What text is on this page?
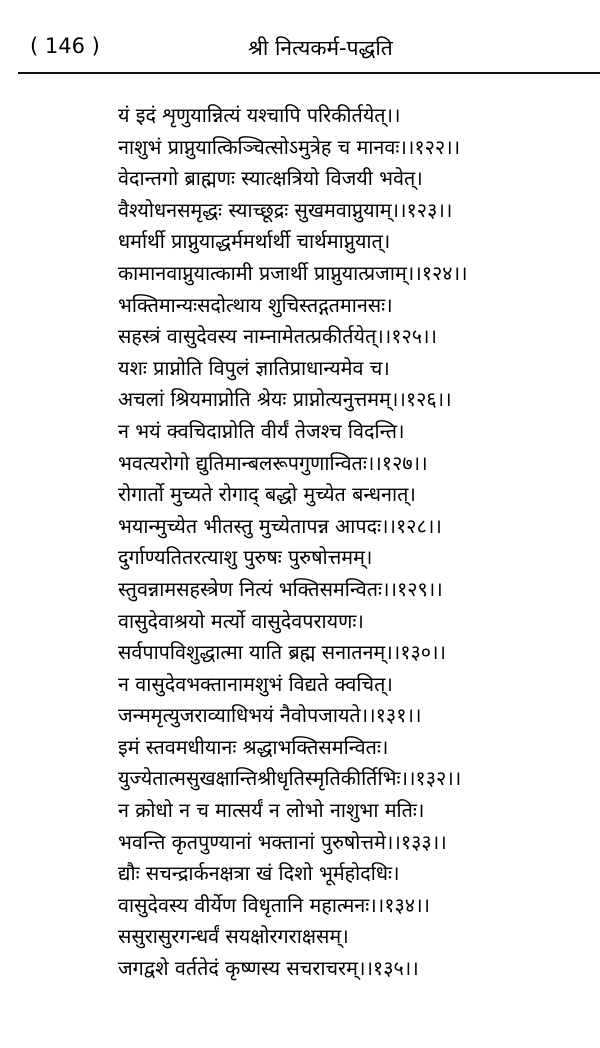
( 146 )	श्री नित्यकर्म-पद्धति
यं इदं शृणुयान्नित्यं यश्चापि परिकीर्तयेत्।।
नाशुभं प्राप्नुयात्किञ्चित्सोऽमुत्रेह च मानवः।।१२२।।
वेदान्तगो ब्राह्मणः स्यात्क्षत्रियो विजयी भवेत्।
वैश्योधनसमृद्धः स्याच्छूद्रः सुखमवाप्नुयाम्।।१२३।।
धर्मार्थी प्राप्नुयाद्धर्ममर्थार्थी चार्थमाप्नुयात्।
कामानवाप्नुयात्कामी प्रजार्थी प्राप्नुयात्प्रजाम्।।१२४।।
भक्तिमान्यःसदोत्थाय शुचिस्तद्गतमानसः।
सहस्त्रं वासुदेवस्य नाम्नामेतत्प्रकीर्तयेत्।।१२५।।
यशः प्राप्नोति विपुलं ज्ञातिप्राधान्यमेव च।
अचलां श्रियमाप्नोति श्रेयः प्राप्नोत्यनुत्तमम्।।१२६।।
न भयं क्वचिदाप्नोति वीर्यं तेजश्च विदन्ति।
भवत्यरोगो द्युतिमान्बलरूपगुणान्वितः।।१२७।।
रोगार्तो मुच्यते रोगाद् बद्धो मुच्येत बन्धनात्।
भयान्मुच्येत भीतस्तु मुच्येतापन्न आपदः।।१२८।।
दुर्गाण्यतितरत्याशु पुरुषः पुरुषोत्तमम्।
स्तुवन्नामसहस्त्रेण नित्यं भक्तिसमन्वितः।।१२९।।
वासुदेवाश्रयो मर्त्यो वासुदेवपरायणः।
सर्वपापविशुद्धात्मा याति ब्रह्म सनातनम्।।१३०।।
न वासुदेवभक्तानामशुभं विद्यते क्वचित्।
जन्ममृत्युजराव्याधिभयं नैवोपजायते।।१३१।।
इमं स्तवमधीयानः श्रद्धाभक्तिसमन्वितः।
युज्येतात्मसुखक्षान्तिश्रीधृतिस्मृतिकीर्तिभिः।।१३२।।
न क्रोधो न च मात्सर्यं न लोभो नाशुभा मतिः।
भवन्ति कृतपुण्यानां भक्तानां पुरुषोत्तमे।।१३३।।
द्यौः सचन्द्रार्कनक्षत्रा खं दिशो भूर्महोदधिः।
वासुदेवस्य वीर्येण विधृतानि महात्मनः।।१३४।।
ससुरासुरगन्धर्वं सयक्षोरगराक्षसम्।
जगद्वशे वर्ततेदं कृष्णस्य सचराचरम्।।१३५।।
